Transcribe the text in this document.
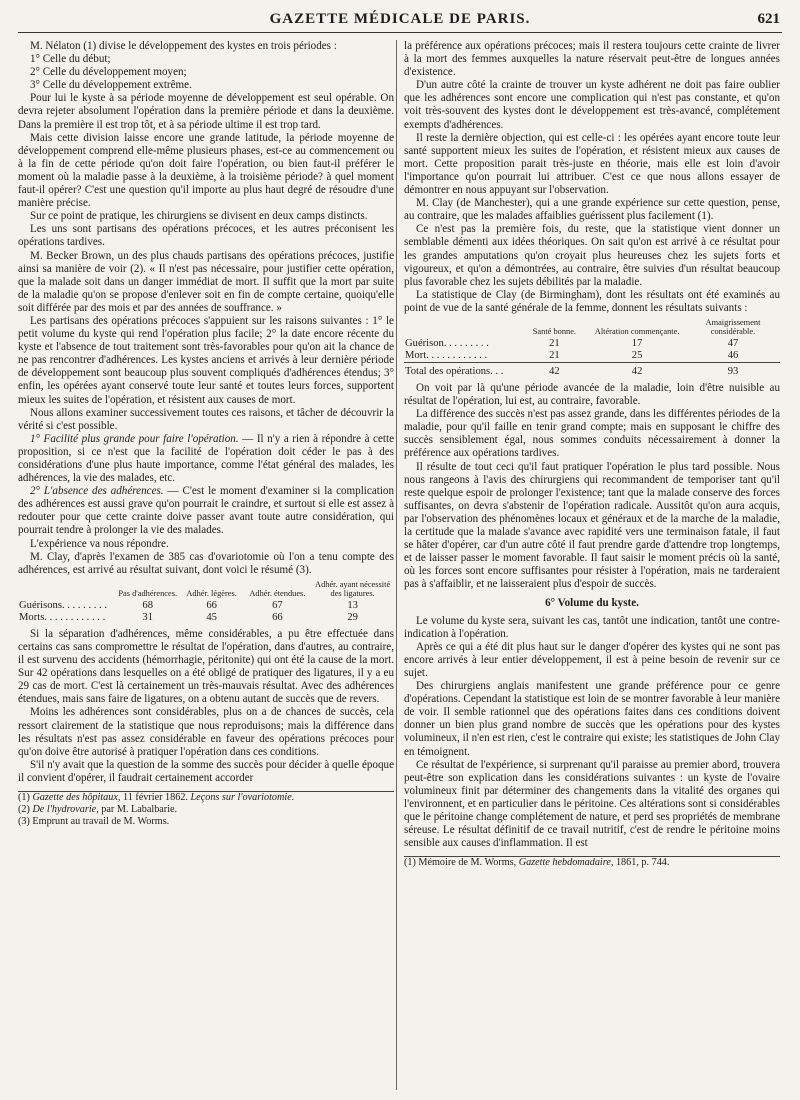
GAZETTE MÉDICALE DE PARIS.	621

M. Nélaton (1) divise le développement des kystes en trois périodes :

1° Celle du début;

2° Celle du développement moyen;

3° Celle du développement extrême.

Pour lui le kyste à sa période moyenne de développement est seul opérable. On devra rejeter absolument l'opération dans la première période et dans la deuxième. Dans la première il est trop tôt, et à sa période ultime il est trop tard.

Mais cette division laisse encore une grande latitude, la période moyenne de développement comprend elle-même plusieurs phases, est-ce au commencement ou à la fin de cette période qu'on doit faire l'opération, ou bien faut-il préférer le moment où la maladie passe à la deuxième, à la troisième période? à quel moment faut-il opérer? C'est une question qu'il importe au plus haut degré de résoudre d'une manière précise.

Sur ce point de pratique, les chirurgiens se divisent en deux camps distincts.

Les uns sont partisans des opérations précoces, et les autres préconisent les opérations tardives.

M. Becker Brown, un des plus chauds partisans des opérations précoces, justifie ainsi sa manière de voir (2). « Il n'est pas nécessaire, pour justifier cette opération, que la malade soit dans un danger immédiat de mort. Il suffit que la mort par suite de la maladie qu'on se propose d'enlever soit en fin de compte certaine, quoiqu'elle soit différée par des mois et par des années de souffrance. »

Les partisans des opérations précoces s'appuient sur les raisons suivantes : 1° le petit volume du kyste qui rend l'opération plus facile; 2° la date encore récente du kyste et l'absence de tout traitement sont très-favorables pour qu'on ait la chance de ne pas rencontrer d'adhérences. Les kystes anciens et arrivés à leur dernière période de développement sont beaucoup plus souvent compliqués d'adhérences étendus; 3° enfin, les opérées ayant conservé toute leur santé et toutes leurs forces, supportent mieux les suites de l'opération, et résistent aux causes de mort.

Nous allons examiner successivement toutes ces raisons, et tâcher de découvrir la vérité si c'est possible.

1° Facilité plus grande pour faire l'opération. — Il n'y a rien à répondre à cette proposition, si ce n'est que la facilité de l'opération doit céder le pas à des considérations d'une plus haute importance, comme l'état général des malades, les adhérences, la vie des malades, etc.

2° L'absence des adhérences. — C'est le moment d'examiner si la complication des adhérences est aussi grave qu'on pourrait le craindre, et surtout si elle est assez à redouter pour que cette crainte doive passer avant toute autre considération, qui pourrait tendre à prolonger la vie des malades.

L'expérience va nous répondre.

M. Clay, d'après l'examen de 385 cas d'ovariotomie où l'on a tenu compte des adhérences, est arrivé au résultat suivant, dont voici le résumé (3).

	Pas d'adhérences.	Adhér. légères.	Adhér. étendues.	Adhér. ayant nécessité des ligatures.
Guérisons. . . . . . . . .	68	66	67	13
Morts. . . . . . . . . . . .	31	45	66	29

Si la séparation d'adhérences, même considérables, a pu être effectuée dans certains cas sans compromettre le résultat de l'opération, dans d'autres, au contraire, il est survenu des accidents (hémorrhagie, péritonite) qui ont été la cause de la mort. Sur 42 opérations dans lesquelles on a été obligé de pratiquer des ligatures, il y a eu 29 cas de mort. C'est là certainement un très-mauvais résultat. Avec des adhérences étendues, mais sans faire de ligatures, on a obtenu autant de succès que de revers.

Moins les adhérences sont considérables, plus on a de chances de succès, cela ressort clairement de la statistique que nous reproduisons; mais la différence dans les résultats n'est pas assez considérable en faveur des opérations précoces pour qu'on doive être autorisé à pratiquer l'opération dans ces conditions.

S'il n'y avait que la question de la somme des succès pour décider à quelle époque il convient d'opérer, il faudrait certainement accorder

(1) Gazette des hôpitaux, 11 février 1862. Leçons sur l'ovariotomie.

(2) De l'hydrovarie, par M. Labalbarie.

(3) Emprunt au travail de M. Worms.

la préférence aux opérations précoces; mais il restera toujours cette crainte de livrer à la mort des femmes auxquelles la nature réservait peut-être de longues années d'existence.

D'un autre côté la crainte de trouver un kyste adhérent ne doit pas faire oublier que les adhérences sont encore une complication qui n'est pas constante, et qu'on voit très-souvent des kystes dont le développement est très-avancé, complétement exempts d'adhérences.

Il reste la dernière objection, qui est celle-ci : les opérées ayant encore toute leur santé supportent mieux les suites de l'opération, et résistent mieux aux causes de mort. Cette proposition parait très-juste en théorie, mais elle est loin d'avoir l'importance qu'on pourrait lui attribuer. C'est ce que nous allons essayer de démontrer en nous appuyant sur l'observation.

M. Clay (de Manchester), qui a une grande expérience sur cette question, pense, au contraire, que les malades affaiblies guérissent plus facilement (1).

Ce n'est pas la première fois, du reste, que la statistique vient donner un semblable démenti aux idées théoriques. On sait qu'on est arrivé à ce résultat pour les grandes amputations qu'on croyait plus heureuses chez les sujets forts et vigoureux, et qu'on a démontrées, au contraire, être suivies d'un résultat beaucoup plus favorable chez les sujets débilités par la maladie.

La statistique de Clay (de Birmingham), dont les résultats ont été examinés au point de vue de la santé générale de la femme, donnent les résultats suivants :

	Santé bonne.	Altération commençante.	Amaigrissement considérable.
Guérison. . . . . . . . .	21	17	47
Mort. . . . . . . . . . . .	21	25	46
Total des opérations. . .	42	42	93

On voit par là qu'une période avancée de la maladie, loin d'être nuisible au résultat de l'opération, lui est, au contraire, favorable.

La différence des succès n'est pas assez grande, dans les différentes périodes de la maladie, pour qu'il faille en tenir grand compte; mais en supposant le chiffre des succès sensiblement égal, nous sommes conduits nécessairement à donner la préférence aux opérations tardives.

Il résulte de tout ceci qu'il faut pratiquer l'opération le plus tard possible. Nous nous rangeons à l'avis des chirurgiens qui recommandent de temporiser tant qu'il reste quelque espoir de prolonger l'existence; tant que la malade conserve des forces suffisantes, on devra s'abstenir de l'opération radicale. Aussitôt qu'on aura acquis, par l'observation des phénomènes locaux et généraux et de la marche de la maladie, la certitude que la malade s'avance avec rapidité vers une terminaison fatale, il faut se hâter d'opérer, car d'un autre côté il faut prendre garde d'attendre trop longtemps, et de laisser passer le moment favorable. Il faut saisir le moment précis où la santé, où les forces sont encore suffisantes pour résister à l'opération, mais ne tarderaient pas à s'affaiblir, et ne laisseraient plus d'espoir de succès.

6° Volume du kyste.

Le volume du kyste sera, suivant les cas, tantôt une indication, tantôt une contre-indication à l'opération.

Après ce qui a été dit plus haut sur le danger d'opérer des kystes qui ne sont pas encore arrivés à leur entier développement, il est à peine besoin de revenir sur ce sujet.

Des chirurgiens anglais manifestent une grande préférence pour ce genre d'opérations. Cependant la statistique est loin de se montrer favorable à leur manière de voir. Il semble rationnel que des opérations faites dans ces conditions doivent donner un bien plus grand nombre de succès que les opérations pour des kystes volumineux, il n'en est rien, c'est le contraire qui existe; les statistiques de John Clay en témoignent.

Ce résultat de l'expérience, si surprenant qu'il paraisse au premier abord, trouvera peut-être son explication dans les considérations suivantes : un kyste de l'ovaire volumineux finit par déterminer des changements dans la vitalité des organes qui l'environnent, et en particulier dans le péritoine. Ces altérations sont si considérables que le péritoine change complétement de nature, et perd ses propriétés de membrane séreuse. Le résultat définitif de ce travail nutritif, c'est de rendre le péritoine moins sensible aux causes d'inflammation. Il est

(1) Mémoire de M. Worms, Gazette hebdomadaire, 1861, p. 744.
